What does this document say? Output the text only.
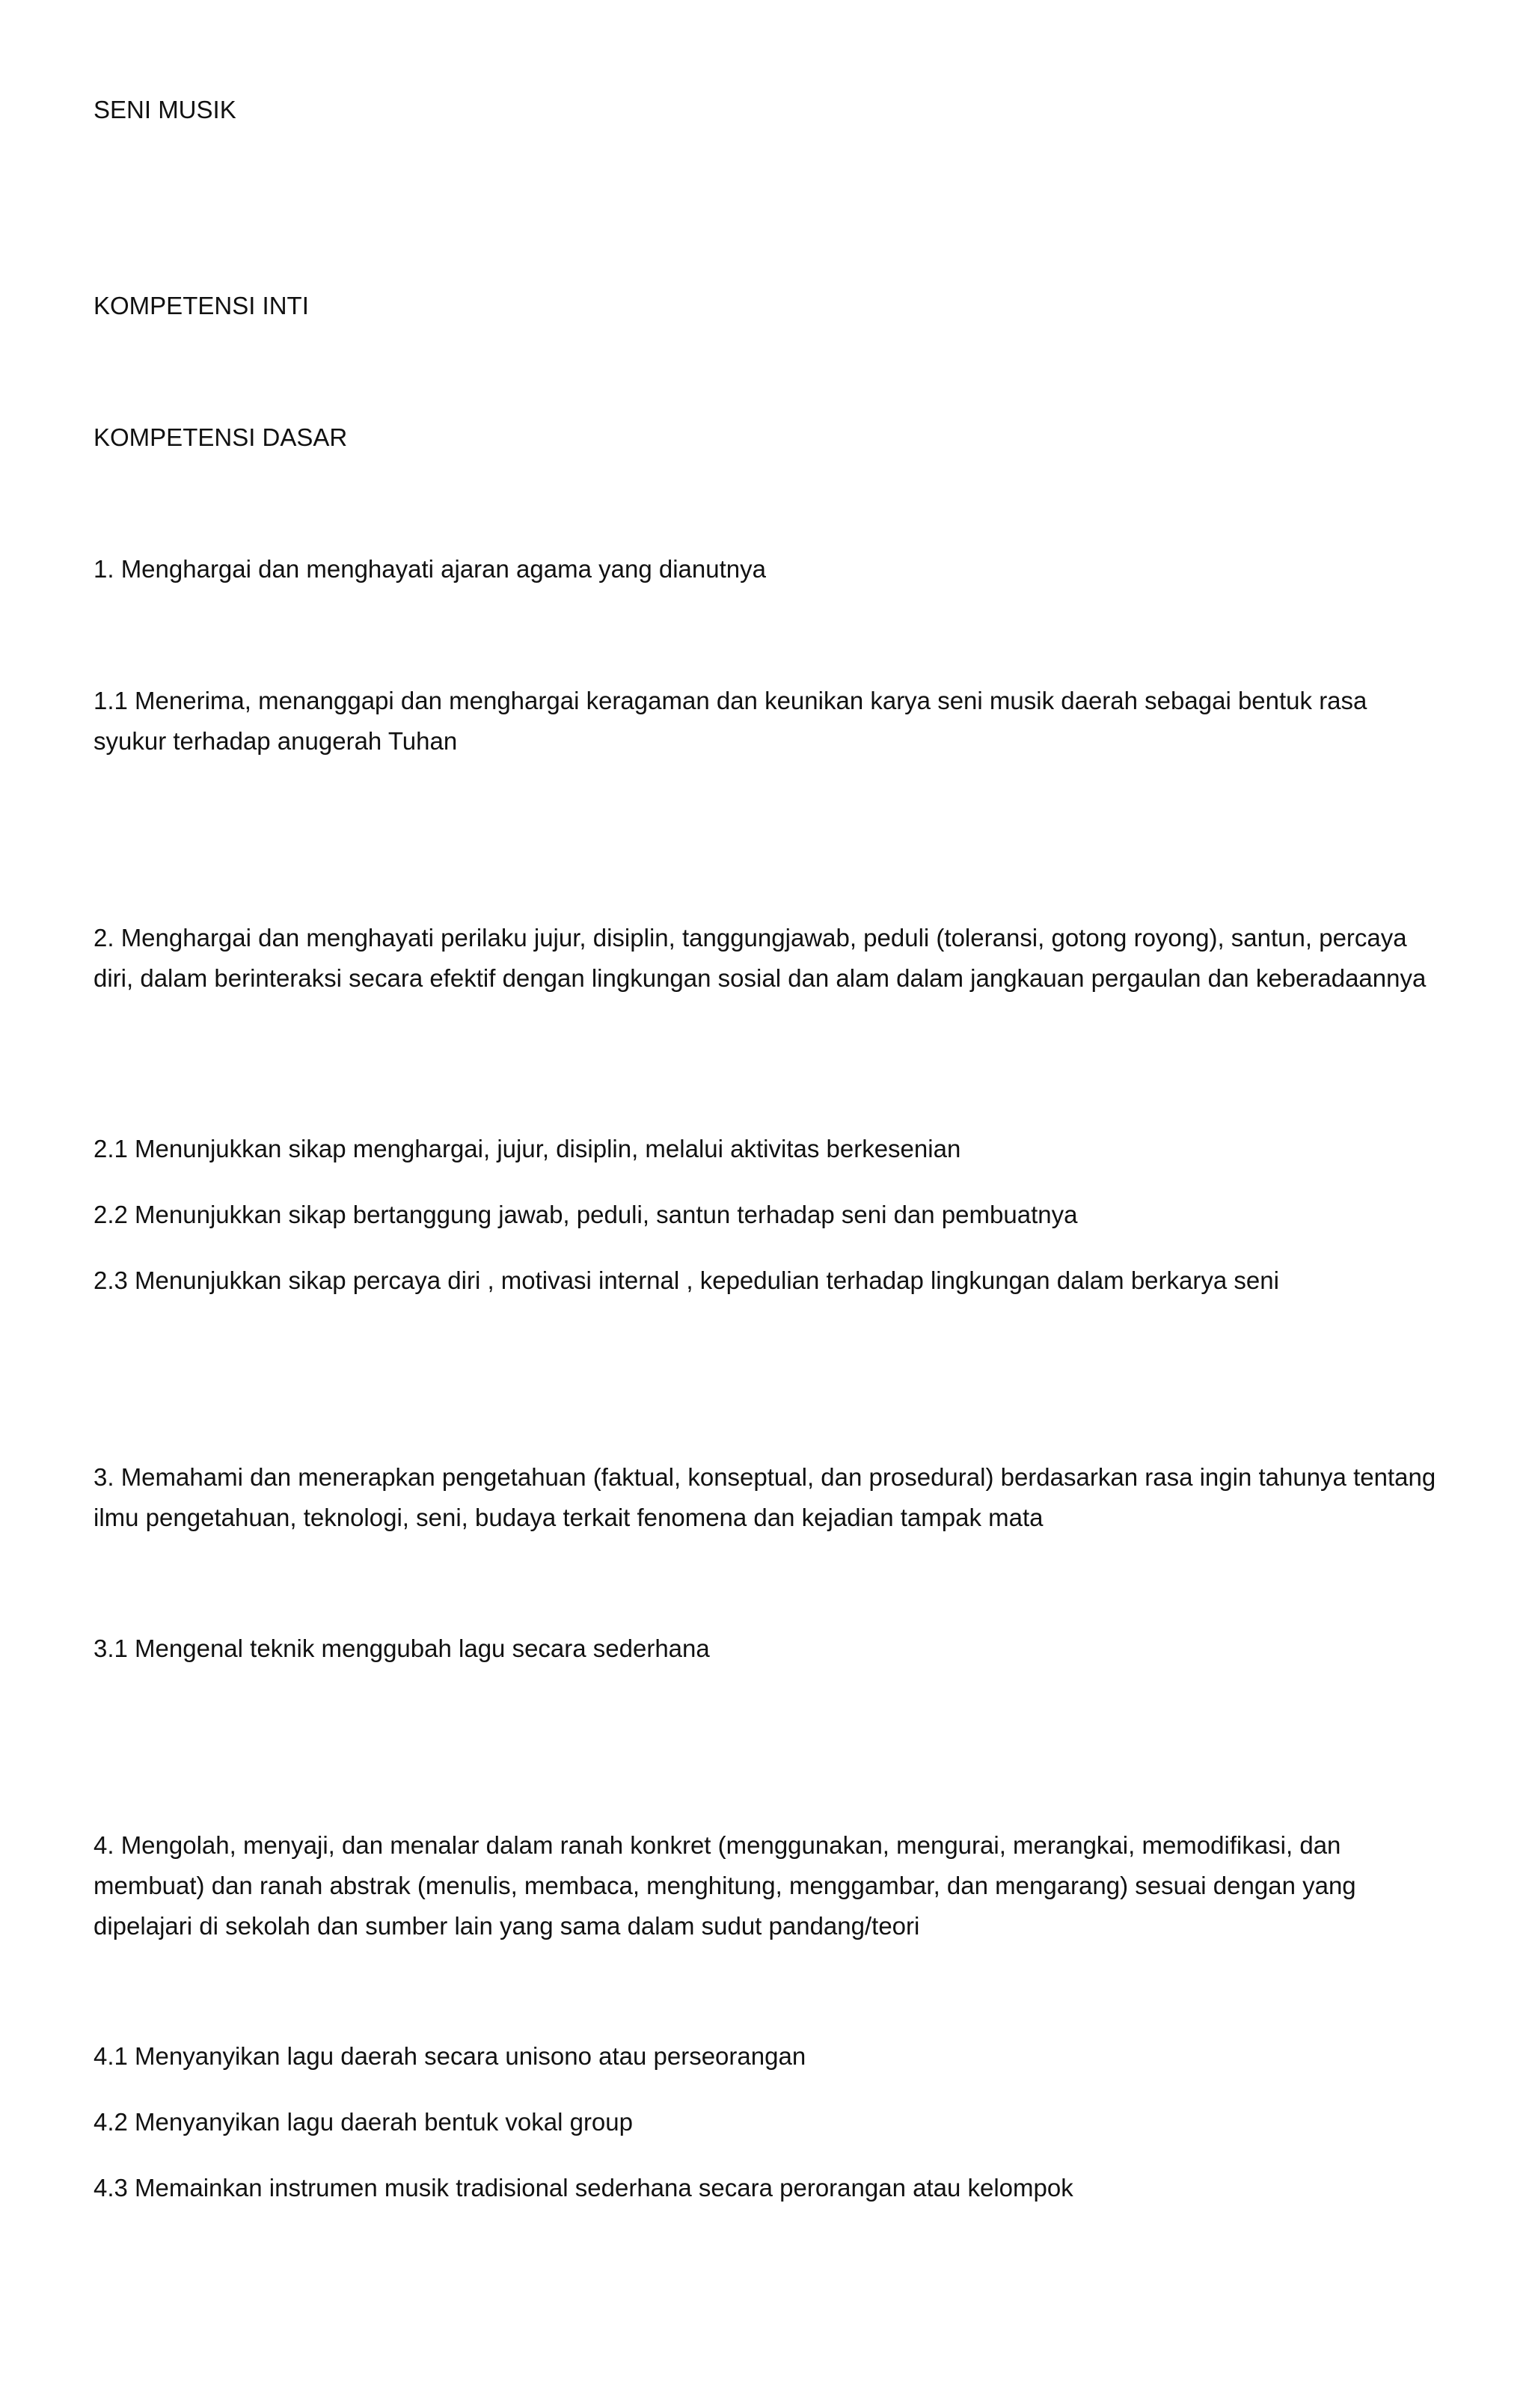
SENI MUSIK

KOMPETENSI INTI

KOMPETENSI DASAR

1. Menghargai dan menghayati ajaran agama yang dianutnya

1.1 Menerima, menanggapi dan menghargai keragaman dan keunikan karya seni musik daerah sebagai bentuk rasa syukur terhadap anugerah Tuhan

2. Menghargai dan menghayati perilaku jujur, disiplin, tanggungjawab, peduli (toleransi, gotong royong), santun, percaya diri, dalam berinteraksi secara efektif dengan lingkungan sosial dan alam dalam jangkauan pergaulan dan keberadaannya

2.1 Menunjukkan sikap menghargai, jujur, disiplin, melalui aktivitas berkesenian

2.2 Menunjukkan sikap bertanggung jawab, peduli, santun terhadap seni dan pembuatnya

2.3 Menunjukkan sikap percaya diri , motivasi internal , kepedulian terhadap lingkungan dalam berkarya seni

3. Memahami dan menerapkan pengetahuan (faktual, konseptual, dan prosedural) berdasarkan rasa ingin tahunya tentang ilmu pengetahuan, teknologi, seni, budaya terkait fenomena dan kejadian tampak mata

3.1 Mengenal teknik menggubah lagu secara sederhana

4. Mengolah, menyaji, dan menalar dalam ranah konkret (menggunakan, mengurai, merangkai, memodifikasi, dan membuat) dan ranah abstrak (menulis, membaca, menghitung, menggambar, dan mengarang) sesuai dengan yang dipelajari di sekolah dan sumber lain yang sama dalam sudut pandang/teori

4.1 Menyanyikan lagu daerah secara unisono atau perseorangan

4.2 Menyanyikan lagu daerah bentuk vokal group

4.3 Memainkan instrumen musik tradisional sederhana secara perorangan atau kelompok
